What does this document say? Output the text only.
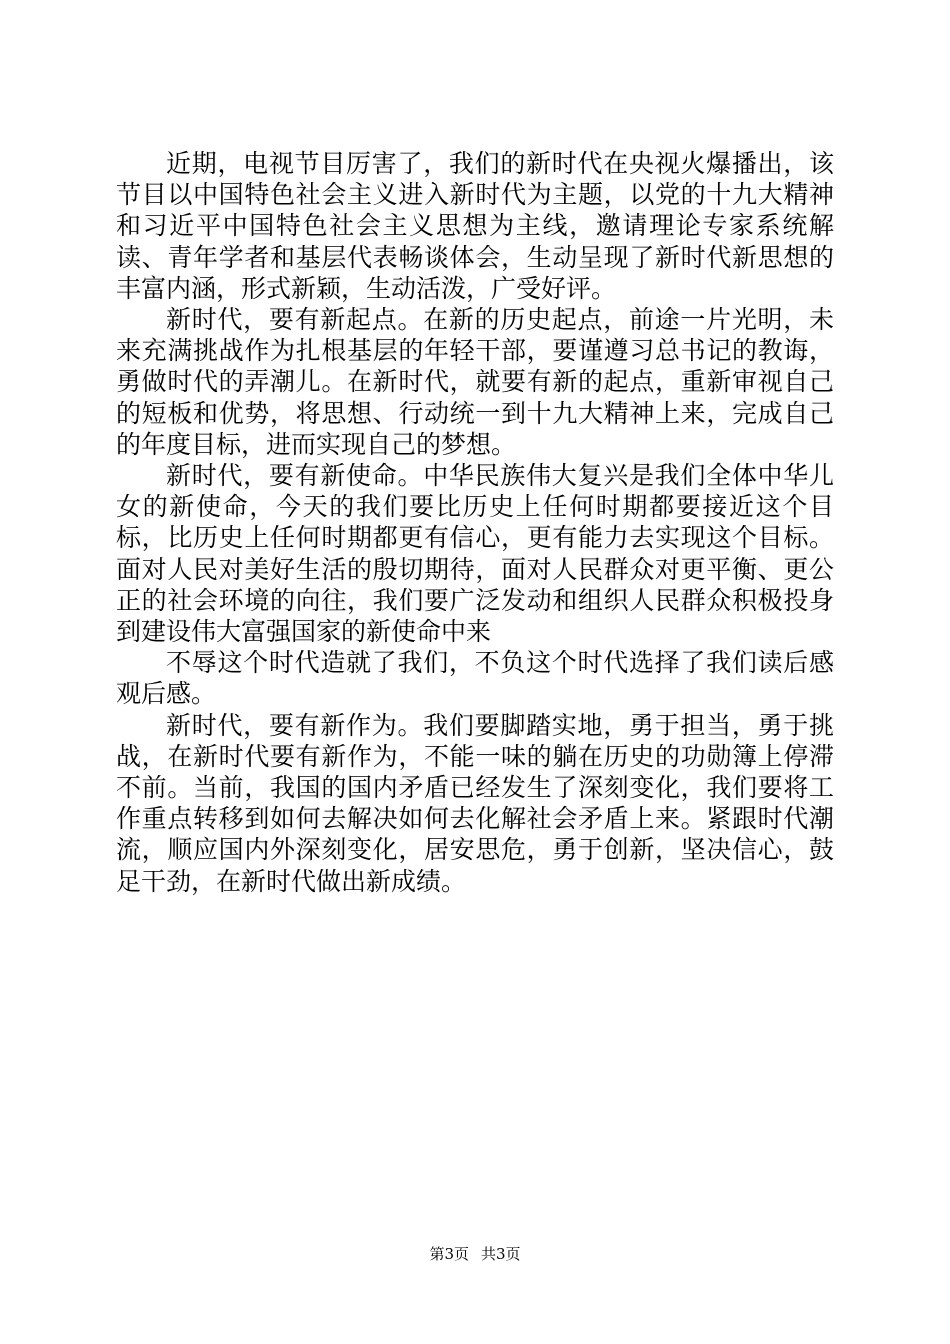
近期，电视节目厉害了，我们的新时代在央视火爆播出，该节目以中国特色社会主义进入新时代为主题，以党的十九大精神和习近平中国特色社会主义思想为主线，邀请理论专家系统解读、青年学者和基层代表畅谈体会，生动呈现了新时代新思想的丰富内涵，形式新颖，生动活泼，广受好评。

新时代，要有新起点。在新的历史起点，前途一片光明，未来充满挑战作为扎根基层的年轻干部，要谨遵习总书记的教诲，勇做时代的弄潮儿。在新时代，就要有新的起点，重新审视自己的短板和优势，将思想、行动统一到十九大精神上来，完成自己的年度目标，进而实现自己的梦想。

新时代，要有新使命。中华民族伟大复兴是我们全体中华儿女的新使命，今天的我们要比历史上任何时期都要接近这个目标，比历史上任何时期都更有信心，更有能力去实现这个目标。面对人民对美好生活的殷切期待，面对人民群众对更平衡、更公正的社会环境的向往，我们要广泛发动和组织人民群众积极投身到建设伟大富强国家的新使命中来

不辱这个时代造就了我们，不负这个时代选择了我们读后感观后感。

新时代，要有新作为。我们要脚踏实地，勇于担当，勇于挑战，在新时代要有新作为，不能一味的躺在历史的功勋簿上停滞不前。当前，我国的国内矛盾已经发生了深刻变化，我们要将工作重点转移到如何去解决如何去化解社会矛盾上来。紧跟时代潮流，顺应国内外深刻变化，居安思危，勇于创新，坚决信心，鼓足干劲，在新时代做出新成绩。

第3页 共3页
